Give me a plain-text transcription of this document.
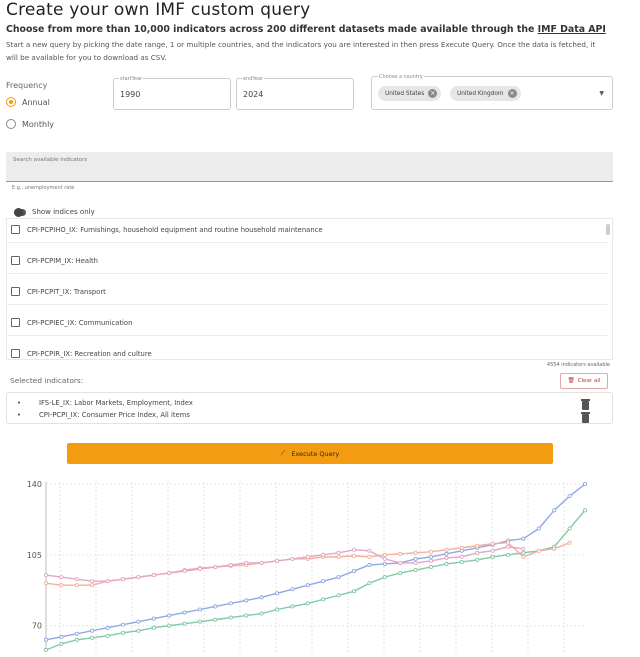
Create your own IMF custom query
Choose from more than 10,000 indicators across 200 different datasets made available through the IMF Data API
Start a new query by picking the date range, 1 or multiple countries, and the indicators you are interested in then press Execute Query. Once the data is fetched, it will be available for you to download as CSV.
Frequency
Annual
Monthly
startYear
1990
endYear
2024
Choose a country
United States ×	United Kingdom ×	▼
Search available indicators
E.g., unemployment rate
Show indices only
CPI-PCPIHO_IX: Furnishings, household equipment and routine household maintenance
CPI-PCPIM_IX: Health
CPI-PCPIT_IX: Transport
CPI-PCPIEC_IX: Communication
CPI-PCPIR_IX: Recreation and culture
4554 indicators available
Selected indicators:	🗑 Clear all
•	IFS-LE_IX: Labor Markets, Employment, Index
•	CPI-PCPI_IX: Consumer Price Index, All items
⟋ Execute Query
140
105
70
